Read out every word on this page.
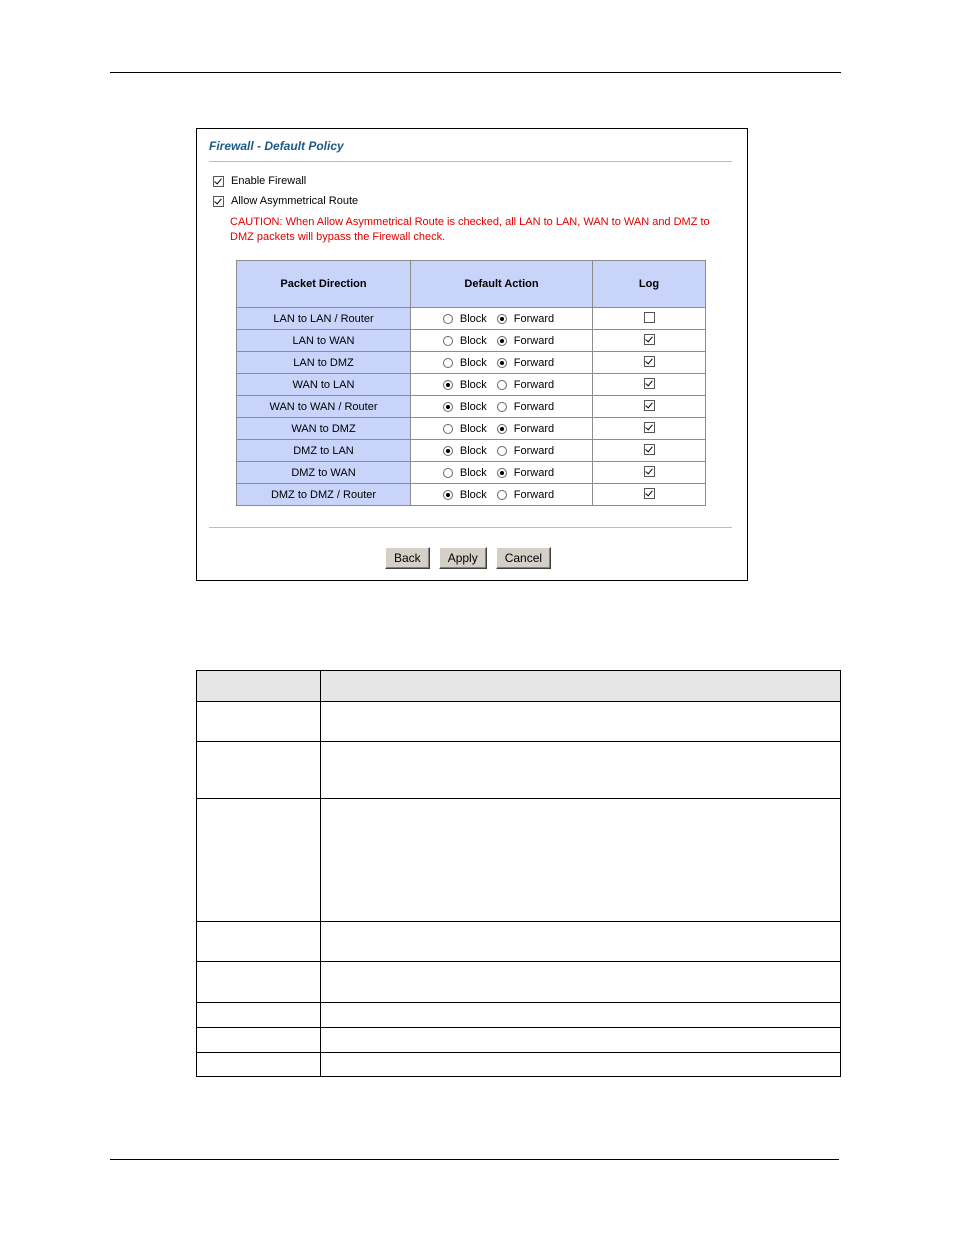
Firewall - Default Policy
Enable Firewall
Allow Asymmetrical Route
CAUTION: When Allow Asymmetrical Route is checked, all LAN to LAN, WAN to WAN and DMZ to DMZ packets will bypass the Firewall check.
Packet Direction	Default Action	Log
LAN to LAN / Router	Block Forward	

LAN to WAN	Block Forward	

LAN to DMZ	Block Forward	

WAN to LAN	Block Forward	

WAN to WAN / Router	Block Forward	

WAN to DMZ	Block Forward	

DMZ to LAN	Block Forward	

DMZ to WAN	Block Forward	

DMZ to DMZ / Router	Block Forward	

Back	Apply	Cancel
